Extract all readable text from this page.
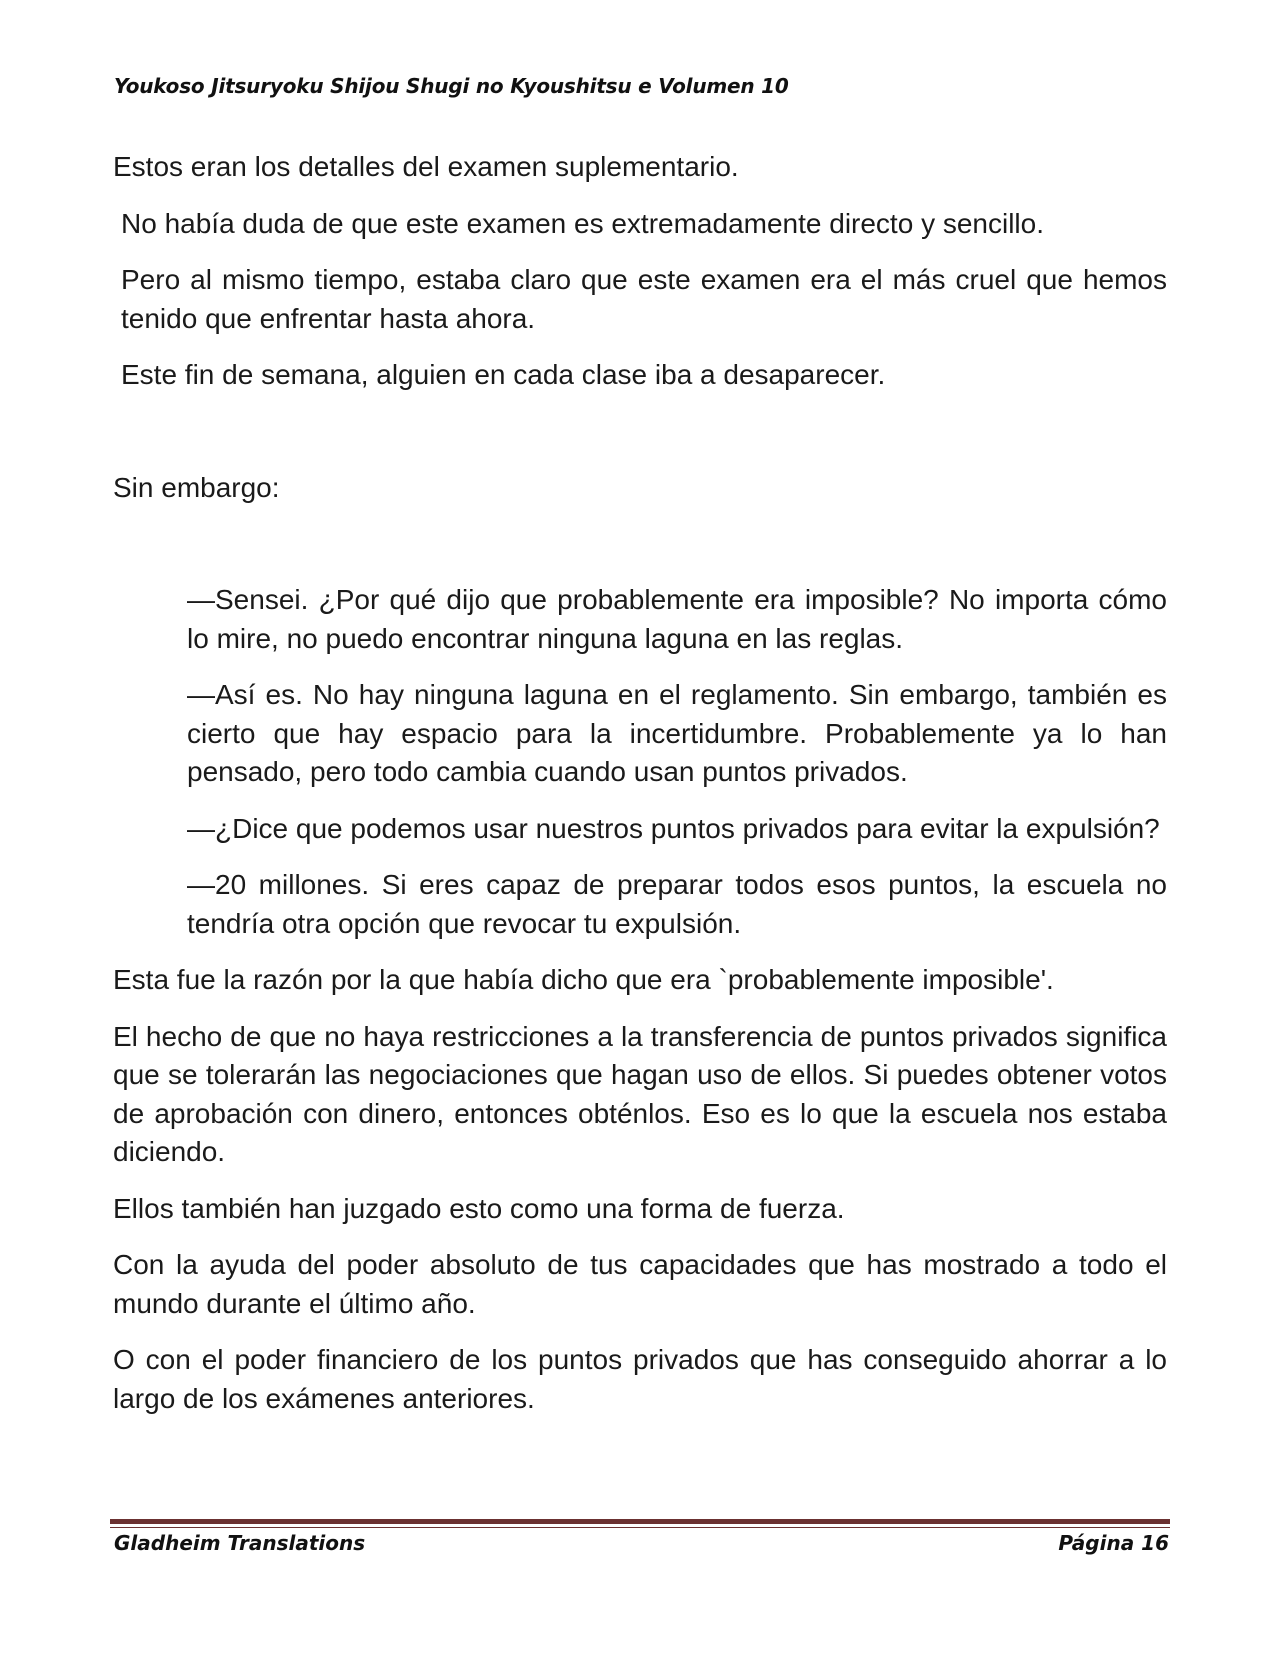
Youkoso Jitsuryoku Shijou Shugi no Kyoushitsu e Volumen 10

Estos eran los detalles del examen suplementario.

No había duda de que este examen es extremadamente directo y sencillo.

Pero al mismo tiempo, estaba claro que este examen era el más cruel que hemos tenido que enfrentar hasta ahora.

Este fin de semana, alguien en cada clase iba a desaparecer.

Sin embargo:

—Sensei. ¿Por qué dijo que probablemente era imposible? No importa cómo lo mire, no puedo encontrar ninguna laguna en las reglas.

—Así es. No hay ninguna laguna en el reglamento. Sin embargo, también es cierto que hay espacio para la incertidumbre. Probablemente ya lo han pensado, pero todo cambia cuando usan puntos privados.

—¿Dice que podemos usar nuestros puntos privados para evitar la expulsión?

—20 millones. Si eres capaz de preparar todos esos puntos, la escuela no tendría otra opción que revocar tu expulsión.

Esta fue la razón por la que había dicho que era `probablemente imposible'.

El hecho de que no haya restricciones a la transferencia de puntos privados significa que se tolerarán las negociaciones que hagan uso de ellos. Si puedes obtener votos de aprobación con dinero, entonces obténlos. Eso es lo que la escuela nos estaba diciendo.

Ellos también han juzgado esto como una forma de fuerza.

Con la ayuda del poder absoluto de tus capacidades que has mostrado a todo el mundo durante el último año.

O con el poder financiero de los puntos privados que has conseguido ahorrar a lo largo de los exámenes anteriores.

Gladheim Translations	Página 16
